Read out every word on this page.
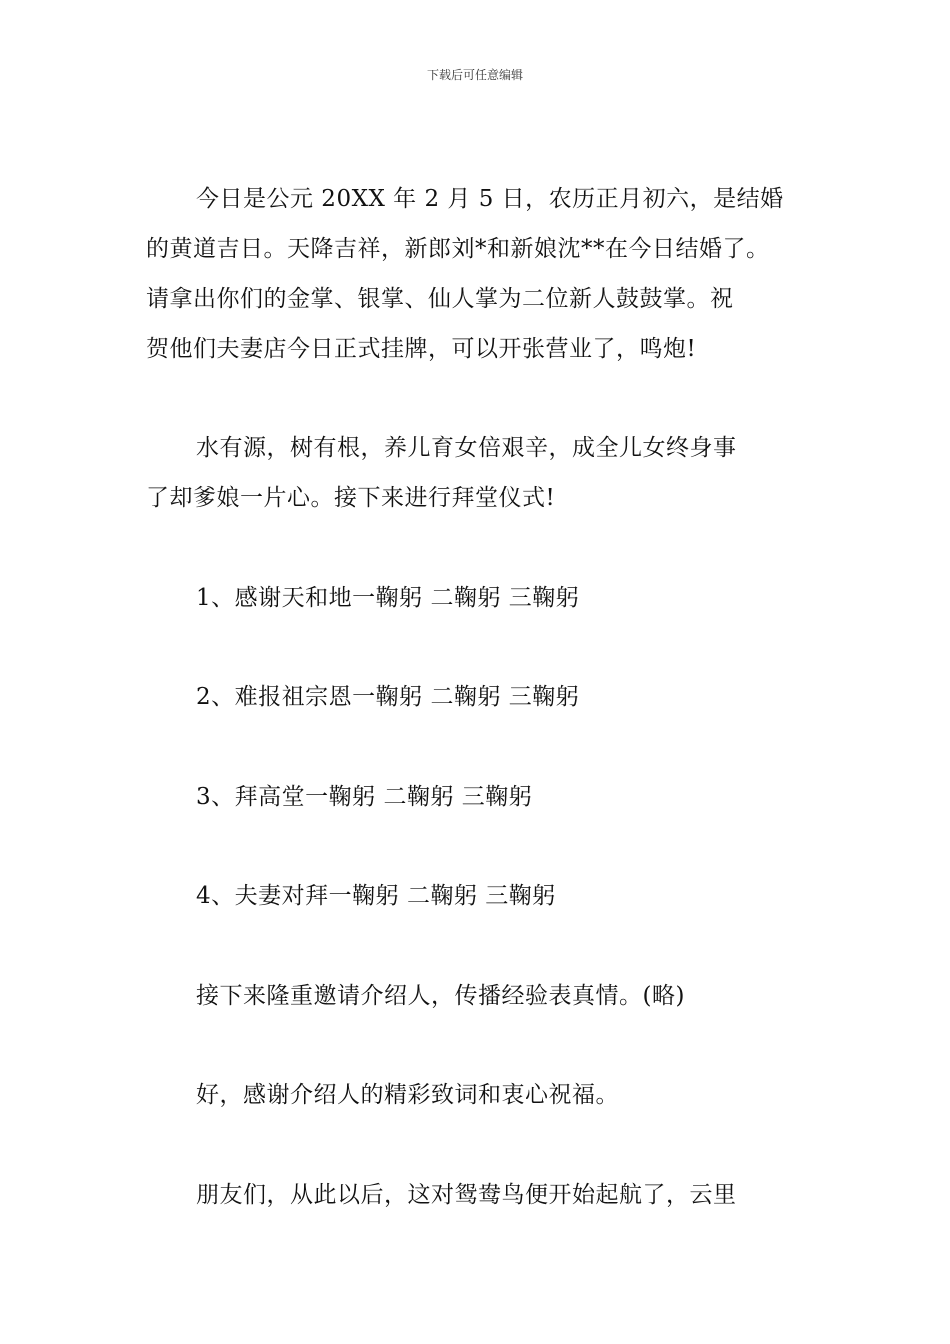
下载后可任意编辑
今日是公元 20XX 年 2 月 5 日，农历正月初六，是结婚
的黄道吉日。天降吉祥，新郎刘*和新娘沈**在今日结婚了。
请拿出你们的金掌、银掌、仙人掌为二位新人鼓鼓掌。祝
贺他们夫妻店今日正式挂牌，可以开张营业了，鸣炮!
水有源，树有根，养儿育女倍艰辛，成全儿女终身事
了却爹娘一片心。接下来进行拜堂仪式!
1、感谢天和地一鞠躬 二鞠躬 三鞠躬
2、难报祖宗恩一鞠躬 二鞠躬 三鞠躬
3、拜高堂一鞠躬 二鞠躬 三鞠躬
4、夫妻对拜一鞠躬 二鞠躬 三鞠躬
接下来隆重邀请介绍人，传播经验表真情。(略)
好，感谢介绍人的精彩致词和衷心祝福。
朋友们，从此以后，这对鸳鸯鸟便开始起航了，云里
